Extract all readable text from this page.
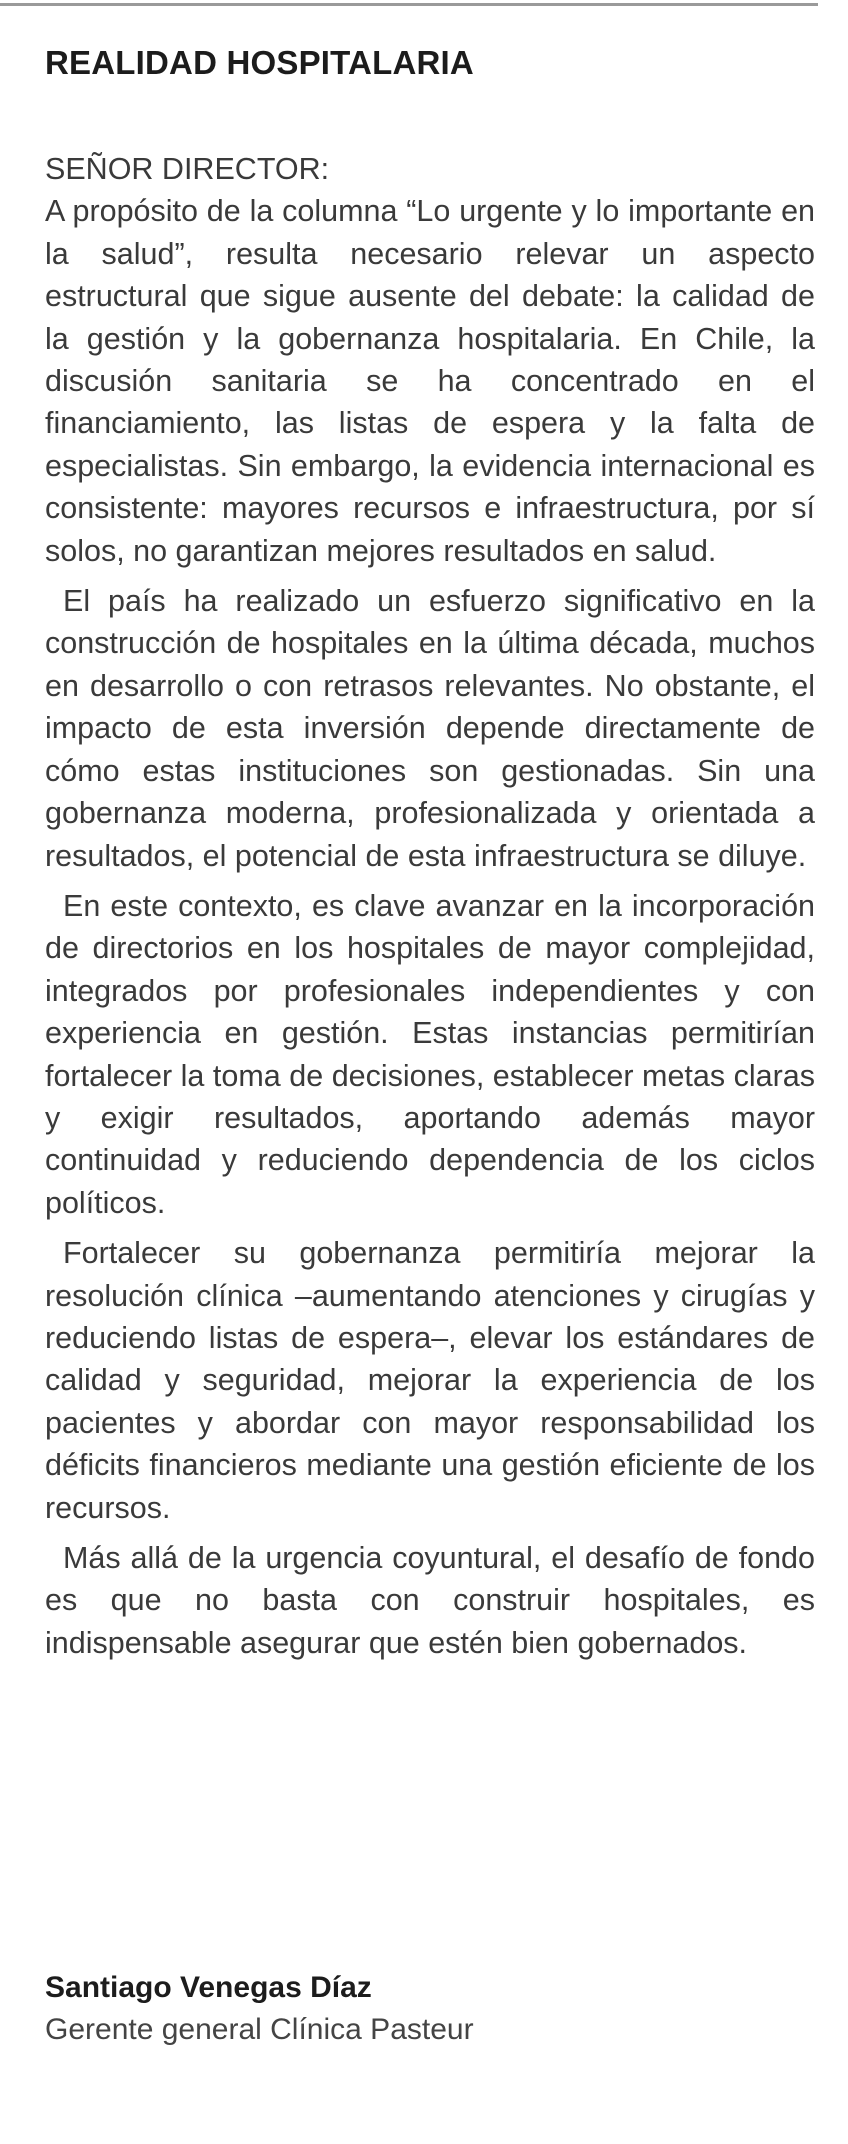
REALIDAD HOSPITALARIA
SEÑOR DIRECTOR:

A propósito de la columna “Lo urgente y lo importante en la salud”, resulta necesario relevar un aspecto estructural que sigue ausente del debate: la calidad de la gestión y la gobernanza hospitalaria. En Chile, la discusión sanitaria se ha concentrado en el financiamiento, las listas de espera y la falta de especialistas. Sin embargo, la evidencia internacional es consistente: mayores recursos e infraestructura, por sí solos, no garantizan mejores resultados en salud.

El país ha realizado un esfuerzo significativo en la construcción de hospitales en la última década, muchos en desarrollo o con retrasos relevantes. No obstante, el impacto de esta inversión depende directamente de cómo estas instituciones son gestionadas. Sin una gobernanza moderna, profesionalizada y orientada a resultados, el potencial de esta infraestructura se diluye.

En este contexto, es clave avanzar en la incorporación de directorios en los hospitales de mayor complejidad, integrados por profesionales independientes y con experiencia en gestión. Estas instancias permitirían fortalecer la toma de decisiones, establecer metas claras y exigir resultados, aportando además mayor continuidad y reduciendo dependencia de los ciclos políticos.

Fortalecer su gobernanza permitiría mejorar la resolución clínica –aumentando atenciones y cirugías y reduciendo listas de espera–, elevar los estándares de calidad y seguridad, mejorar la experiencia de los pacientes y abordar con mayor responsabilidad los déficits financieros mediante una gestión eficiente de los recursos.

Más allá de la urgencia coyuntural, el desafío de fondo es que no basta con construir hospitales, es indispensable asegurar que estén bien gobernados.

Santiago Venegas Díaz
Gerente general Clínica Pasteur
